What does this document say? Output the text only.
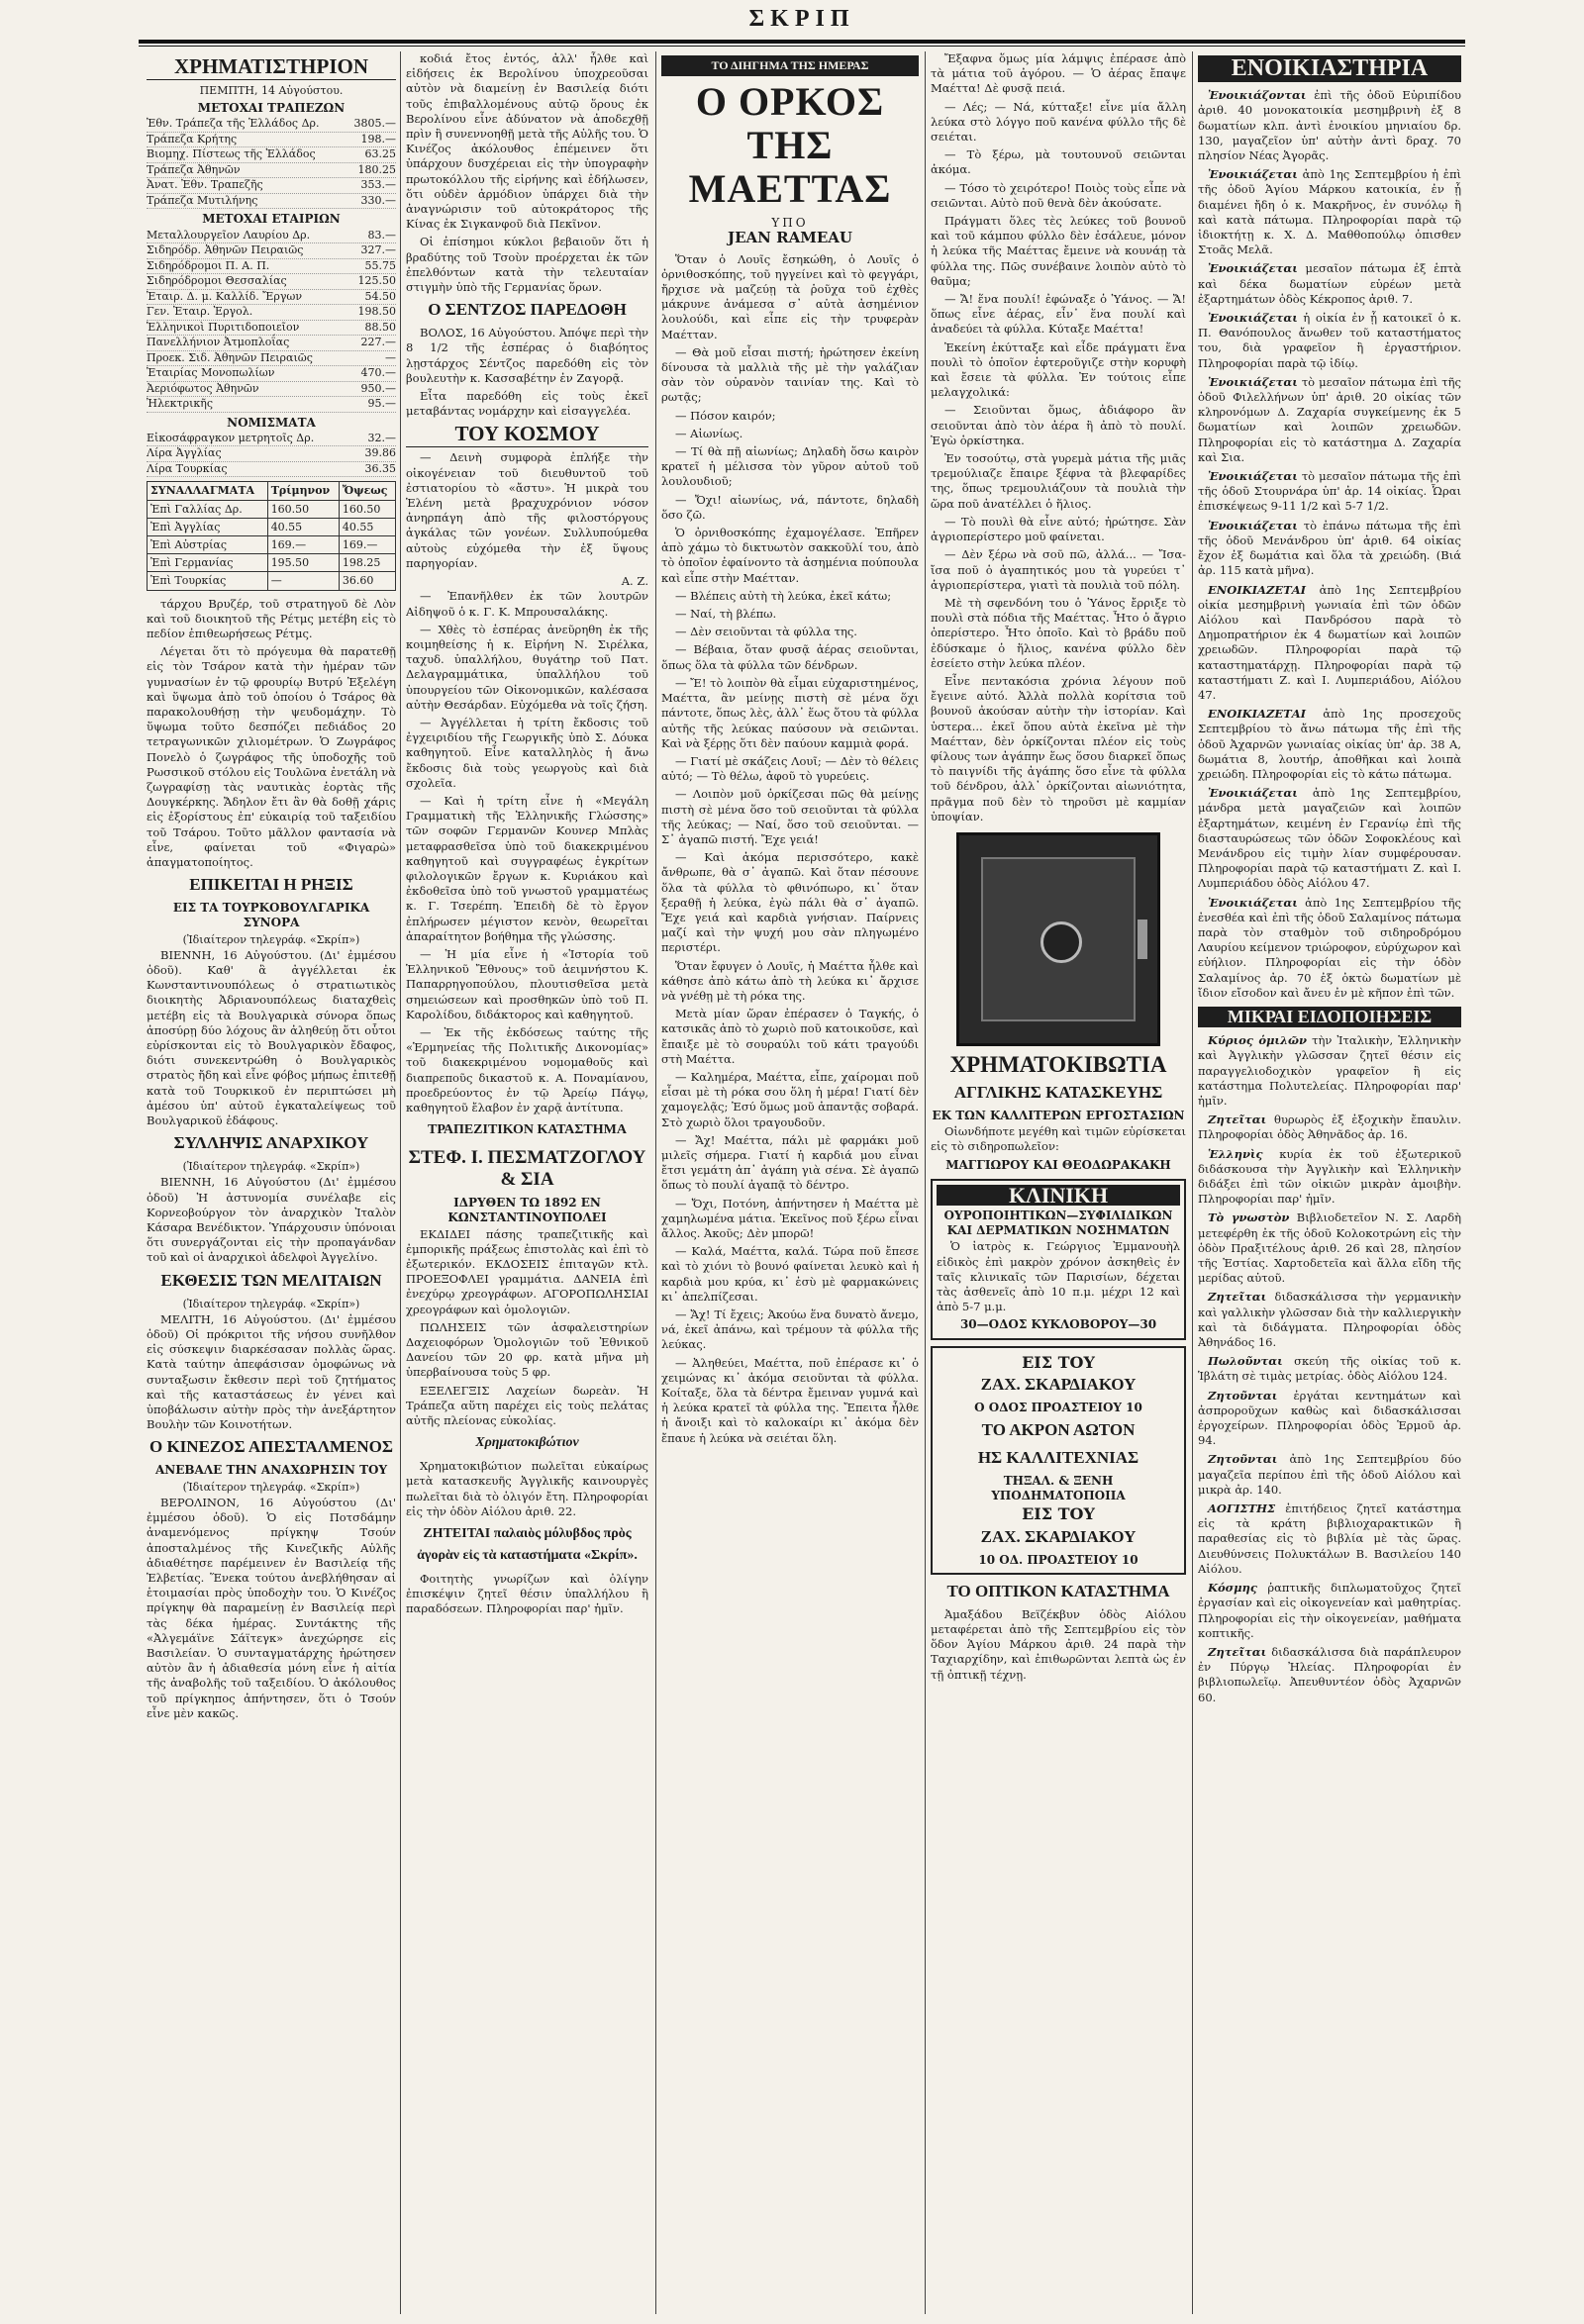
ΣΚΡΙΠ
ΧΡΗΜΑΤΙΣΤΗΡΙΟΝ
ΠΕΜΠΤΗ, 14 Αὐγούστου.
ΜΕΤΟΧΑΙ ΤΡΑΠΕΖΩΝ
Ἐθν. Τράπεζα τῆς Ἑλλάδος Δρ.	3805.—
Τράπεζα Κρήτης	198.—
Βιομηχ. Πίστεως τῆς Ἑλλάδος	63.25
Τράπεζα Ἀθηνῶν	180.25
Ἀνατ. Ἐθν. Τραπεζῆς	353.—
Τράπεζα Μυτιλήνης	330.—
ΜΕΤΟΧΑΙ ΕΤΑΙΡΙΩΝ
Μεταλλουργεῖον Λαυρίου Δρ.	83.—
Σιδηρόδρ. Ἀθηνῶν Πειραιῶς	327.—
Σιδηρόδρομοι Π. Α. Π.	55.75
Σιδηρόδρομοι Θεσσαλίας	125.50
Ἐταιρ. Δ. μ. Καλλίδ. Ἔργων	54.50
Γεν. Ἐταιρ. Ἐργολ.	198.50
Ἑλληνικοὶ Πυριτιδοποιεῖον	88.50
Πανελλήνιον Ἀτμοπλοΐας	227.—
Προεκ. Σιδ. Ἀθηνῶν Πειραιῶς	—
Ἐταιρίας Μονοπωλίων	470.—
Ἀεριόφωτος Ἀθηνῶν	950.—
Ἠλεκτρικῆς	95.—
ΝΟΜΙΣΜΑΤΑ
Εἰκοσάφραγκον μετρητοῖς Δρ.	32.—
Λίρα Ἀγγλίας	39.86
Λίρα Τουρκίας	36.35
ΣΥΝΑΛΛΑΓΜΑΤΑ	Τρίμηνον	Ὄψεως
Ἐπὶ Γαλλίας Δρ.	160.50	160.50
Ἐπὶ Ἀγγλίας	40.55	40.55
Ἐπὶ Αὐστρίας	169.—	169.—
Ἐπὶ Γερμανίας	195.50	198.25
Ἐπὶ Τουρκίας	—	36.60

τάρχου Βρυζέρ, τοῦ στρατηγοῦ δὲ Λὸν καὶ τοῦ διοικητοῦ τῆς Ρέτμς μετέβη εἰς τὸ πεδίον ἐπιθεωρήσεως Ρέτμς.

Λέγεται ὅτι τὸ πρόγευμα θὰ παρατεθῇ εἰς τὸν Τσάρον κατὰ τὴν ἡμέραν τῶν γυμνασίων ἐν τῷ φρουρίῳ Βυτρύ Ἐξελέγη καὶ ὕψωμα ἀπὸ τοῦ ὁποίου ὁ Τσάρος θὰ παρακολουθήσῃ τὴν ψευδομάχην. Τὸ ὕψωμα τοῦτο δεσπόζει πεδιάδος 20 τετραγωνικῶν χιλιομέτρων. Ὁ Ζωγράφος Πονελὸ ὁ ζωγράφος τῆς ὑποδοχῆς τοῦ Ρωσσικοῦ στόλου εἰς Τουλῶνα ἐνετάλη νὰ ζωγραφίσῃ τὰς ναυτικὰς ἑορτὰς τῆς Δουγκέρκης. Ἄδηλον ἔτι ἂν θὰ δοθῇ χάρις εἰς ἐξορίστους ἐπ' εὐκαιρίᾳ τοῦ ταξειδίου τοῦ Τσάρου. Τοῦτο μᾶλλον φαντασία νὰ εἶνε, φαίνεται τοῦ «Φιγαρὼ» ἀπαγματοποίητος.

ΕΠΙΚΕΙΤΑΙ Η ΡΗΞΙΣ
ΕΙΣ ΤΑ ΤΟΥΡΚΟΒΟΥΛΓΑΡΙΚΑ ΣΥΝΟΡΑ
(Ἰδιαίτερον τηλεγράφ. «Σκρίπ»)

ΒΙΕΝΝΗ, 16 Αὐγούστου. (Δι' ἐμμέσου ὁδοῦ). Καθ' ἃ ἀγγέλλεται ἐκ Κωνσταντινουπόλεως ὁ στρατιωτικὸς διοικητὴς Ἀδριανουπόλεως διαταχθεὶς μετέβη εἰς τὰ Βουλγαρικὰ σύνορα ὅπως ἀποσύρῃ δύο λόχους ἂν ἀληθεύῃ ὅτι οὗτοι εὑρίσκονται εἰς τὸ Βουλγαρικὸν ἔδαφος, διότι συνεκεντρώθη ὁ Βουλγαρικὸς στρατὸς ἤδη καὶ εἶνε φόβος μήπως ἐπιτεθῇ κατὰ τοῦ Τουρκικοῦ ἐν περιπτώσει μὴ ἀμέσου ὑπ' αὐτοῦ ἐγκαταλείψεως τοῦ Βουλγαρικοῦ ἐδάφους.

ΣΥΛΛΗΨΙΣ ΑΝΑΡΧΙΚΟΥ
(Ἰδιαίτερον τηλεγράφ. «Σκρίπ»)

ΒΙΕΝΝΗ, 16 Αὐγούστου (Δι' ἐμμέσου ὁδοῦ) Ἡ ἀστυνομία συνέλαβε εἰς Κορνεοβούργον τὸν ἀναρχικὸν Ἰταλὸν Κάσαρα Βενέδικτον. Ὑπάρχουσιν ὑπόνοιαι ὅτι συνεργάζονται εἰς τὴν προπαγάνδαν τοῦ καὶ οἱ ἀναρχικοὶ ἀδελφοὶ Ἀγγελίνο.

ΕΚΘΕΣΙΣ ΤΩΝ ΜΕΛΙΤΑΙΩΝ
(Ἰδιαίτερον τηλεγράφ. «Σκρίπ»)

ΜΕΛΙΤΗ, 16 Αὐγούστου. (Δι' ἐμμέσου ὁδοῦ) Οἱ πρόκριτοι τῆς νήσου συνῆλθον εἰς σύσκεψιν διαρκέσασαν πολλὰς ὥρας. Κατὰ ταύτην ἀπεφάσισαν ὁμοφώνως νὰ συνταξωσιν ἔκθεσιν περὶ τοῦ ζητήματος καὶ τῆς καταστάσεως ἐν γένει καὶ ὑποβάλωσιν αὐτὴν πρὸς τὴν ἀνεξάρτητον Βουλὴν τῶν Κοινοτήτων.

Ο ΚΙΝΕΖΟΣ ΑΠΕΣΤΑΛΜΕΝΟΣ
ΑΝΕΒΑΛΕ ΤΗΝ ΑΝΑΧΩΡΗΣΙΝ ΤΟΥ
(Ἰδιαίτερον τηλεγράφ. «Σκρίπ»)

ΒΕΡΟΛΙΝΟΝ, 16 Αὐγούστου (Δι' ἐμμέσου ὁδοῦ). Ὁ εἰς Ποτσδάμην ἀναμενόμενος πρίγκηψ Τσούν ἀποσταλμένος τῆς Κινεζικῆς Αὐλῆς ἀδιαθέτησε παρέμεινεν ἐν Βασιλείᾳ τῆς Ἑλβετίας. Ἕνεκα τούτου ἀνεβλήθησαν αἱ ἑτοιμασίαι πρὸς ὑποδοχὴν του. Ὁ Κινέζος πρίγκηψ θὰ παραμείνῃ ἐν Βασιλείᾳ περὶ τὰς δέκα ἡμέρας. Συντάκτης τῆς «Ἀλγεμάϊνε Σάϊτεγκ» ἀνεχώρησε εἰς Βασιλείαν. Ὁ συνταγματάρχης ἠρώτησεν αὐτὸν ἂν ἡ ἀδιαθεσία μόνη εἶνε ἡ αἰτία τῆς ἀναβολῆς τοῦ ταξειδίου. Ὁ ἀκόλουθος τοῦ πρίγκηπος ἀπήντησεν, ὅτι ὁ Τσούν εἶνε μὲν κακῶς.

κοδιά ἔτος ἐντός, ἀλλ' ἦλθε καὶ εἰδήσεις ἐκ Βερολίνου ὑποχρεοῦσαι αὐτὸν νὰ διαμείνῃ ἐν Βασιλείᾳ διότι τοῦς ἐπιβαλλομένους αὐτῷ ὅρους ἐκ Βερολίνου εἶνε ἀδύνατον νὰ ἀποδεχθῇ πρὶν ἢ συνεννοηθῇ μετὰ τῆς Αὐλῆς του. Ὁ Κινέζος ἀκόλουθος ἐπέμεινεν ὅτι ὑπάρχουν δυσχέρειαι εἰς τὴν ὑπογραφὴν πρωτοκόλλου τῆς εἰρήνης καὶ ἐδήλωσεν, ὅτι οὐδὲν ἀρμόδιον ὑπάρχει διὰ τὴν ἀναγνώρισιν τοῦ αὐτοκράτορος τῆς Κίνας ἐκ Σιγκανφοῦ διὰ Πεκῖνον.

Οἱ ἐπίσημοι κύκλοι βεβαιοῦν ὅτι ἡ βραδύτης τοῦ Τσοὺν προέρχεται ἐκ τῶν ἐπελθόντων κατὰ τὴν τελευταίαν στιγμὴν ὑπὸ τῆς Γερμανίας ὅρων.

Ο ΣΕΝΤΖΟΣ ΠΑΡΕΔΟΘΗ

ΒΟΛΟΣ, 16 Αὐγούστου. Ἀπόψε περὶ τὴν 8 1/2 τῆς ἑσπέρας ὁ διαβόητος λῃστάρχος Σέντζος παρεδόθη εἰς τὸν βουλευτὴν κ. Κασσαβέτην ἐν Ζαγορᾷ.

Εἶτα παρεδόθη εἰς τοὺς ἐκεῖ μεταβάντας νομάρχην καὶ εἰσαγγελέα.

ΤΟΥ ΚΟΣΜΟΥ

— Δεινὴ συμφορὰ ἐπλήξε τὴν οἰκογένειαν τοῦ διευθυντοῦ τοῦ ἐστιατορίου τὸ «ἄστυ». Ἡ μικρὰ του Ἑλένη μετὰ βραχυχρόνιον νόσον ἀνηρπάγη ἀπὸ τῆς φιλοστόργους ἀγκάλας τῶν γονέων. Συλλυπούμεθα αὐτοὺς εὐχόμεθα τὴν ἐξ ὕψους παρηγορίαν.

Α. Ζ.

— Ἐπανῆλθεν ἐκ τῶν λουτρῶν Αἰδηψοῦ ὁ κ. Γ. Κ. Μπρουσαλάκης.

— Χθὲς τὸ ἑσπέρας ἀνεῦρηθη ἐκ τῆς κοιμηθείσης ἡ κ. Εἰρήνη Ν. Σιρέλκα, ταχυδ. ὑπαλλήλου, θυγάτηρ τοῦ Πατ. Δελαγραμμάτικα, ὑπαλλήλου τοῦ ὑπουργείου τῶν Οἰκονομικῶν, καλέσασα αὐτὴν Θεσάρδαν. Εὐχόμεθα νὰ τοῖς ζήση.

— Ἀγγέλλεται ἡ τρίτη ἔκδοσις τοῦ ἐγχειριδίου τῆς Γεωργικῆς ὑπὸ Σ. Δόυκα καθηγητοῦ. Εἶνε καταλληλὸς ἡ ἄνω ἔκδοσις διὰ τοὺς γεωργοὺς καὶ διὰ σχολεῖα.

— Καὶ ἡ τρίτη εἶνε ἡ «Μεγάλη Γραμματικὴ τῆς Ἑλληνικῆς Γλώσσης» τῶν σοφῶν Γερμανῶν Κουνερ Μπλὰς μεταφρασθεῖσα ὑπὸ τοῦ διακεκριμένου καθηγητοῦ καὶ συγγραφέως ἐγκρίτων φιλολογικῶν ἔργων κ. Κυριάκου καὶ ἐκδοθεῖσα ὑπὸ τοῦ γνωστοῦ γραμματέως κ. Γ. Τσερέπη. Ἐπειδὴ δὲ τὸ ἔργον ἐπλήρωσεν μέγιστον κενὸν, θεωρεῖται ἀπαραίτητον βοήθημα τῆς γλώσσης.

— Ἡ μία εἶνε ἡ «Ἱστορία τοῦ Ἑλληνικοῦ Ἔθνους» τοῦ ἀειμνήστου Κ. Παπαρρηγοπούλου, πλουτισθεῖσα μετὰ σημειώσεων καὶ προσθηκῶν ὑπὸ τοῦ Π. Καρολίδου, διδάκτορος καὶ καθηγητοῦ.

— Ἐκ τῆς ἐκδόσεως ταύτης τῆς «Ἑρμηνείας τῆς Πολιτικῆς Δικονομίας» τοῦ διακεκριμένου νομομαθοῦς καὶ διαπρεποῦς δικαστοῦ κ. Α. Ποναμίανου, προεδρεύοντος ἐν τῷ Ἀρείῳ Πάγῳ, καθηγητοῦ ἔλαβον ἐν χαρᾷ ἀντίτυπα.

ΤΡΑΠΕΖΙΤΙΚΟΝ ΚΑΤΑΣΤΗΜΑ
ΣΤΕΦ. Ι. ΠΕΣΜΑΤΖΟΓΛΟΥ & ΣΙΑ
ΙΔΡΥΘΕΝ ΤΩ 1892 ΕΝ ΚΩΝΣΤΑΝΤΙΝΟΥΠΟΛΕΙ

ΕΚΔΙΔΕΙ πάσης τραπεζιτικῆς καὶ ἐμπορικῆς πράξεως ἐπιστολὰς καὶ ἐπὶ τὸ ἐξωτερικόν. ΕΚΔΟΣΕΙΣ ἐπιταγῶν κτλ. ΠΡΟΕΞΟΦΛΕΙ γραμμάτια. ΔΑΝΕΙΑ ἐπὶ ἐνεχύρῳ χρεογράφων. ΑΓΟΡΟΠΩΛΗΣΙΑΙ χρεογράφων καὶ ὁμολογιῶν.

ΠΩΛΗΣΕΙΣ τῶν ἀσφαλειστηρίων Δαχειοφόρων Ὁμολογιῶν τοῦ Ἐθνικοῦ Δανείου τῶν 20 φρ. κατὰ μῆνα μὴ ὑπερβαίνουσα τοὺς 5 φρ.

ΕΞΕΛΕΓΞΙΣ Λαχείων δωρεὰν. Ἡ Τράπεζα αὕτη παρέχει εἰς τοὺς πελάτας αὐτῆς πλείονας εὐκολίας.

Χρηματοκιβώτιον

Χρηματοκιβώτιον πωλεῖται εὐκαίρως μετὰ κατασκευῆς Ἀγγλικῆς καινουργὲς πωλεῖται διὰ τὸ ὁλιγόν ἔτη. Πληροφορίαι εἰς τὴν ὁδὸν Αἰόλου ἀριθ. 22.

ΖΗΤΕΙΤΑΙ παλαιὸς μόλυβδος πρὸς ἀγορὰν εἰς τὰ καταστήματα «Σκρίπ».

Φοιτητὴς γνωρίζων καὶ ὀλίγην ἐπισκέψιν ζητεῖ θέσιν ὑπαλλήλου ἢ παραδόσεων. Πληροφορίαι παρ' ἡμῖν.

ΤΟ ΔΙΗΓΗΜΑ ΤΗΣ ΗΜΕΡΑΣ
Ο ΟΡΚΟΣ ΤΗΣ ΜΑΕΤΤΑΣ
ΥΠΟ
JEAN RAMEAU

Ὅταν ὁ Λουῖς ἔσηκώθη, ὁ Λουῖς ὁ ὀρνιθοσκόπης, τοῦ ηγγείνει καὶ τὸ φεγγάρι, ἤρχισε νὰ μαζεύῃ τὰ ῥοῦχα τοῦ ἐχθὲς μάκρυνε ἀνάμεσα σ᾽ αὐτὰ ἀσημένιον λουλούδι, καὶ εἶπε εἰς τὴν τρυφερὰν Μαέτταν.

— Θὰ μοῦ εἶσαι πιστή; ἠρώτησεν ἐκείνη δίνουσα τὰ μαλλιὰ τῆς μὲ τὴν γαλάζιαν σὰν τὸν οὐρανὸν ταινίαν της. Καὶ τὸ ρωτᾷς;

— Πόσον καιρόν;

— Αἰωνίως.

— Τί θὰ πῇ αἰωνίως; Δηλαδὴ ὅσω καιρὸν κρατεῖ ἡ μέλισσα τὸν γῦρον αὐτοῦ τοῦ λουλουδιοῦ;

— Ὄχι! αἰωνίως, νά, πάντοτε, δηλαδὴ ὅσο ζῶ.

Ὁ ὀρνιθοσκόπης ἐχαμογέλασε. Ἐπῆρεν ἀπὸ χάμω τὸ δικτυωτὸν σακκοῦλί του, ἀπὸ τὸ ὁποῖον ἐφαίνοντο τὰ ἀσημένια πούπουλα καὶ εἶπε στὴν Μαέτταν.

— Βλέπεις αὐτὴ τὴ λεύκα, ἐκεῖ κάτω;

— Ναί, τὴ βλέπω.

— Δὲν σειοῦνται τὰ φύλλα της.

— Βέβαια, ὅταν φυσᾷ ἀέρας σειοῦνται, ὅπως ὅλα τὰ φύλλα τῶν δένδρων.

— Ἔ! τὸ λοιπὸν θὰ εἶμαι εὐχαριστημένος, Μαέττα, ἂν μείνῃς πιστὴ σὲ μένα ὅχι πάντοτε, ὅπως λὲς, ἀλλ᾽ ἕως ὅτου τὰ φύλλα αὐτῆς τῆς λεύκας παύσουν νὰ σειῶνται. Καὶ νὰ ξέρῃς ὅτι δὲν παύουν καμμιὰ φορά.

— Γιατί μὲ σκάζεις Λουῖ; — Δὲν τὸ θέλεις αὐτό; — Τὸ θέλω, ἀφοῦ τὸ γυρεύεις.

— Λοιπὸν μοῦ ὁρκίζεσαι πῶς θὰ μείνῃς πιστὴ σὲ μένα ὅσο τοῦ σειοῦνται τὰ φύλλα τῆς λεύκας; — Ναί, ὅσο τοῦ σειοῦνται. — Σ᾽ ἀγαπῶ πιστή. Ἔχε γειά!

— Καὶ ἀκόμα περισσότερο, κακὲ ἄνθρωπε, θὰ σ᾽ ἀγαπῶ. Καὶ ὅταν πέσουνε ὅλα τὰ φύλλα τὸ φθινόπωρο, κι᾽ ὅταν ξεραθῇ ἡ λεύκα, ἐγὼ πάλι θὰ σ᾽ ἀγαπῶ. Ἔχε γειά καὶ καρδιὰ γνήσιαν. Παίρνεις μαζί καὶ τὴν ψυχή μου σὰν πληγωμένο περιστέρι.

Ὅταν ἔφυγεν ὁ Λουῖς, ἡ Μαέττα ἦλθε καὶ κάθησε ἀπὸ κάτω ἀπὸ τὴ λεύκα κι᾽ ἄρχισε νὰ γνέθῃ μὲ τὴ ρόκα της.

Μετὰ μίαν ὥραν ἐπέρασεν ὁ Ταγκής, ὁ κατσικᾶς ἀπὸ τὸ χωριὸ ποῦ κατοικοῦσε, καὶ ἔπαιξε μὲ τὸ σουραύλι τοῦ κάτι τραγούδι στὴ Μαέττα.

— Καλημέρα, Μαέττα, εἶπε, χαίρομαι ποῦ εἶσαι μὲ τὴ ρόκα σου ὅλη ἡ μέρα! Γιατί δὲν χαμογελᾷς; Ἐσύ ὅμως μοῦ ἀπαντᾷς σοβαρά. Στὸ χωριὸ ὅλοι τραγουδοῦν.

— Ἄχ! Μαέττα, πάλι μὲ φαρμάκι μοῦ μιλεῖς σήμερα. Γιατί ἡ καρδιά μου εἶναι ἔτσι γεμάτη ἀπ᾽ ἀγάπη γιὰ σένα. Σὲ ἀγαπῶ ὅπως τὸ πουλί ἀγαπᾷ τὸ δέντρο.

— Ὄχι, Ποτόνη, ἀπήντησεν ἡ Μαέττα μὲ χαμηλωμένα μάτια. Ἐκεῖνος ποῦ ξέρω εἶναι ἄλλος. Ἀκοῦς; Δὲν μπορῶ!

— Καλά, Μαέττα, καλά. Τώρα ποῦ ἔπεσε καὶ τὸ χιόνι τὸ βουνό φαίνεται λευκὸ καὶ ἡ καρδιὰ μου κρύα, κι᾽ ἐσὺ μὲ φαρμακώνεις κι᾽ ἀπελπίζεσαι.

— Ἄχ! Τί ἔχεις; Ἀκούω ἕνα δυνατὸ ἄνεμο, νά, ἐκεῖ ἀπάνω, καὶ τρέμουν τὰ φύλλα τῆς λεύκας.

— Ἀληθεύει, Μαέττα, ποῦ ἐπέρασε κι᾽ ὁ χειμώνας κι᾽ ἀκόμα σειοῦνται τὰ φύλλα. Κοίταξε, ὅλα τὰ δέντρα ἔμειναν γυμνά καὶ ἡ λεύκα κρατεῖ τὰ φύλλα της. Ἔπειτα ἦλθε ἡ ἄνοιξι καὶ τὸ καλοκαίρι κι᾽ ἀκόμα δὲν ἔπαυε ἡ λεύκα νὰ σειέται ὅλη.

Ἔξαφνα ὅμως μία λάμψις ἐπέρασε ἀπὸ τὰ μάτια τοῦ ἀγόρου. — Ὁ ἀέρας ἔπαψε Μαέττα! Δὲ φυσᾷ πειά.

— Λές; — Νά, κύτταξε! εἶνε μία ἄλλη λεύκα στὸ λόγγο ποῦ κανένα φύλλο τῆς δὲ σειέται.

— Τὸ ξέρω, μὰ τουτουνοῦ σειῶνται ἀκόμα.

— Τόσο τὸ χειρότερο! Ποιὸς τοὺς εἶπε νὰ σειῶνται. Αὐτὸ ποῦ θενὰ δὲν ἀκούσατε.

Πράγματι ὅλες τὲς λεύκες τοῦ βουνοῦ καὶ τοῦ κάμπου φύλλο δὲν ἐσάλευε, μόνον ἡ λεύκα τῆς Μαέττας ἔμεινε νὰ κουνάῃ τὰ φύλλα της. Πῶς συνέβαινε λοιπὸν αὐτὸ τὸ θαῦμα;

— Ἄ! ἕνα πουλί! ἐφώναξε ὁ Ὑάνος. — Ἄ! ὅπως εἶνε ἀέρας, εἶν᾽ ἕνα πουλί καὶ ἀναδεύει τὰ φύλλα. Κύταξε Μαέττα!

Ἐκείνη ἐκύτταξε καὶ εἶδε πράγματι ἕνα πουλὶ τὸ ὁποῖον ἐφτεροῦγιζε στὴν κορυφὴ καὶ ἔσειε τὰ φύλλα. Ἐν τούτοις εἶπε μελαγχολικά:

— Σειοῦνται ὅμως, ἀδιάφορο ἂν σειοῦνται ἀπὸ τὸν ἀέρα ἢ ἀπὸ τὸ πουλί. Ἐγὼ ὁρκίστηκα.

Ἐν τοσούτῳ, στὰ γυρεμὰ μάτια τῆς μιᾶς τρεμούλιαζε ἔπαιρε ξέφνα τὰ βλεφαρίδες της, ὅπως τρεμουλιάζουν τὰ πουλιὰ τὴν ὥρα ποῦ ἀνατέλλει ὁ ἥλιος.

— Τὸ πουλὶ θὰ εἶνε αὐτό; ἠρώτησε. Σὰν ἀγριοπερίστερο μοῦ φαίνεται.

— Δὲν ξέρω νὰ σοῦ πῶ, ἀλλά... — Ἴσα-ἴσα ποῦ ὁ ἀγαπητικός μου τὰ γυρεύει τ᾽ ἀγριοπερίστερα, γιατὶ τὰ πουλιὰ τοῦ πόλη.

Μὲ τὴ σφενδόνη του ὁ Ὑάνος ἔρριξε τὸ πουλὶ στὰ πόδια τῆς Μαέττας. Ἦτο ὁ ἄγριο ὀπερίστερο. Ἦτο ὁποῖο. Καὶ τὸ βράδυ ποῦ ἐδύσκαμε ὁ ἥλιος, κανένα φύλλο δὲν ἐσείετο στὴν λεύκα πλέον.

Εἶνε πεντακόσια χρόνια λέγουν ποῦ ἔγεινε αὐτό. Ἀλλὰ πολλὰ κορίτσια τοῦ βουνοῦ ἀκούσαν αὐτὴν τὴν ἱστορίαν. Καὶ ὑστερα... ἐκεῖ ὅπου αὐτὰ ἐκεῖνα μὲ τὴν Μαέτταν, δὲν ὁρκίζονται πλέον εἰς τοὺς φίλους των ἀγάπην ἕως ὅσου διαρκεῖ ὅπως τὸ παιγνίδι τῆς ἀγάπης ὅσο εἶνε τὰ φύλλα τοῦ δένδρου, ἀλλ᾽ ὁρκίζονται αἰωνιότητα, πρᾶγμα ποῦ δὲν τὸ τηροῦσι μὲ καμμίαν ὑποψίαν.

ΧΡΗΜΑΤΟΚΙΒΩΤΙΑ
ΑΓΓΛΙΚΗΣ ΚΑΤΑΣΚΕΥΗΣ
ΕΚ ΤΩΝ ΚΑΛΛΙΤΕΡΩΝ ΕΡΓΟΣΤΑΣΙΩΝ

Οἰωνδήποτε μεγέθη καὶ τιμῶν εὑρίσκεται εἰς τὸ σιδηροπωλεῖον:

ΜΑΓΓΙΩΡΟΥ ΚΑΙ ΘΕΟΔΩΡΑΚΑΚΗ
ΚΛΙΝΙΚΗ
ΟΥΡΟΠΟΙΗΤΙΚΩΝ—ΣΥΦΙΛΙΔΙΚΩΝ ΚΑΙ ΔΕΡΜΑΤΙΚΩΝ ΝΟΣΗΜΑΤΩΝ

Ὁ ἰατρὸς κ. Γεώργιος Ἐμμανουὴλ εἰδικὸς ἐπὶ μακρὸν χρόνον ἀσκηθεὶς ἐν ταῖς κλινικαῖς τῶν Παρισίων, δέχεται τὰς ἀσθενεῖς ἀπὸ 10 π.μ. μέχρι 12 καὶ ἀπὸ 5-7 μ.μ.

30—ΟΔΟΣ ΚΥΚΛΟΒΟΡΟΥ—30
ΕΙΣ ΤΟΥ
ΖΑΧ. ΣΚΑΡΔΙΑΚΟΥ
Ο ΟΔΟΣ ΠΡΟΑΣΤΕΙΟΥ 10
ΤΟ ΑΚΡΟΝ ΑΩΤΟΝ
ΗΣ ΚΑΛΛΙΤΕΧΝΙΑΣ
ΤΗΞΑΛ. & ΞΕΝΗ ΥΠΟΔΗΜΑΤΟΠΟΙΙΑ
ΕΙΣ ΤΟΥ
ΖΑΧ. ΣΚΑΡΔΙΑΚΟΥ
10 ΟΔ. ΠΡΟΑΣΤΕΙΟΥ 10
ΤΟ ΟΠΤΙΚΟΝ ΚΑΤΑΣΤΗΜΑ

Ἀμαξάδου Βεϊζέκβυν ὁδὸς Αἰόλου μεταφέρεται ἀπὸ τῆς Σεπτεμβρίου εἰς τὸν ὅδον Ἁγίου Μάρκου ἀριθ. 24 παρὰ τὴν Ταχιαρχίδην, καὶ ἐπιθωρῶνται λεπτὰ ὡς ἐν τῇ ὀπτικῇ τέχνῃ.

ΕΝΟΙΚΙΑΣΤΗΡΙΑ

Ἐνοικιάζονται ἐπὶ τῆς ὁδοῦ Εὐριπίδου ἀριθ. 40 μονοκατοικία μεσημβρινὴ ἐξ 8 δωματίων κλπ. ἀντὶ ἐνοικίου μηνιαίου δρ. 130, μαγαζεῖον ὑπ' αὐτὴν ἀντὶ δραχ. 70 πλησίον Νέας Ἀγορᾶς.

Ἐνοικιάζεται ἀπὸ 1ης Σεπτεμβρίου ἡ ἐπὶ τῆς ὁδοῦ Ἁγίου Μάρκου κατοικία, ἐν ᾗ διαμένει ἤδη ὁ κ. Μακρῆνος, ἐν συνόλῳ ἢ καὶ κατὰ πάτωμα. Πληροφορίαι παρὰ τῷ ἰδιοκτήτῃ κ. Χ. Δ. Μαθθοπούλῳ ὁπισθεν Στοᾶς Μελᾶ.

Ἐνοικιάζεται μεσαῖον πάτωμα ἐξ ἑπτὰ καὶ δέκα δωματίων εὑρέων μετὰ ἐξαρτημάτων ὁδὸς Κέκροπος ἀριθ. 7.

Ἐνοικιάζεται ἡ οἰκία ἐν ᾗ κατοικεῖ ὁ κ. Π. Θανόπουλος ἄνωθεν τοῦ καταστήματος του, διὰ γραφεῖον ἢ ἐργαστήριον. Πληροφορίαι παρὰ τῷ ἰδίῳ.

Ἐνοικιάζεται τὸ μεσαῖον πάτωμα ἐπὶ τῆς ὁδοῦ Φιλελλήνων ὑπ' ἀριθ. 20 οἰκίας τῶν κληρονόμων Δ. Ζαχαρία συγκείμενης ἐκ 5 δωματίων καὶ λοιπῶν χρειωδῶν. Πληροφορίαι εἰς τὸ κατάστημα Δ. Ζαχαρία καὶ Σια.

Ἐνοικιάζεται τὸ μεσαῖον πάτωμα τῆς ἐπὶ τῆς ὁδοῦ Στουρνάρα ὑπ' ἀρ. 14 οἰκίας. Ὧραι ἐπισκέψεως 9-11 1/2 καὶ 5-7 1/2.

Ἐνοικιάζεται τὸ ἐπάνω πάτωμα τῆς ἐπὶ τῆς ὁδοῦ Μενάνδρου ὑπ' ἀριθ. 64 οἰκίας ἔχον ἐξ δωμάτια καὶ ὅλα τὰ χρειώδη. (Βιά ἀρ. 115 κατὰ μῆνα).

ΕΝΟΙΚΙΑΖΕΤΑΙ ἀπὸ 1ης Σεπτεμβρίου οἰκία μεσημβρινὴ γωνιαία ἐπὶ τῶν ὁδῶν Αἰόλου καὶ Πανδρόσου παρὰ τὸ Δημοπρατήριον ἐκ 4 δωματίων καὶ λοιπῶν χρειωδῶν. Πληροφορίαι παρὰ τῷ καταστηματάρχῃ. Πληροφορίαι παρὰ τῷ καταστήματι Ζ. καὶ Ι. Λυμπεριάδου, Αἰόλου 47.

ΕΝΟΙΚΙΑΖΕΤΑΙ ἀπὸ 1ης προσεχοῦς Σεπτεμβρίου τὸ ἄνω πάτωμα τῆς ἐπὶ τῆς ὁδοῦ Ἀχαρνῶν γωνιαίας οἰκίας ὑπ' ἀρ. 38 Α, δωμάτια 8, λουτήρ, ἀποθῆκαι καὶ λοιπὰ χρειώδη. Πληροφορίαι εἰς τὸ κάτω πάτωμα.

Ἐνοικιάζεται ἀπὸ 1ης Σεπτεμβρίου, μάνδρα μετὰ μαγαζειῶν καὶ λοιπῶν ἐξαρτημάτων, κειμένη ἐν Γερανίῳ ἐπὶ τῆς διασταυρώσεως τῶν ὁδῶν Σοφοκλέους καὶ Μενάνδρου εἰς τιμὴν λίαν συμφέρουσαν. Πληροφορίαι παρὰ τῷ καταστήματι Ζ. καὶ Ι. Λυμπεριάδου ὁδὸς Αἰόλου 47.

Ἐνοικιάζεται ἀπὸ 1ης Σεπτεμβρίου τῆς ἐνεσθέα καὶ ἐπὶ τῆς ὁδοῦ Σαλαμίνος πάτωμα παρὰ τὸν σταθμὸν τοῦ σιδηροδρόμου Λαυρίου κείμενον τριώροφον, εὐρύχωρον καὶ εὐήλιον. Πληροφορίαι εἰς τὴν ὁδὸν Σαλαμίνος ἀρ. 70 ἐξ ὀκτὼ δωματίων μὲ ἴδιον εἴσοδον καὶ ἄνευ ἐν μὲ κῆπον ἐπὶ τῶν.

ΜΙΚΡΑΙ ΕΙΔΟΠΟΙΗΣΕΙΣ

Κύριος ὁμιλῶν τὴν Ἰταλικὴν, Ἑλληνικὴν καὶ Ἀγγλικὴν γλῶσσαν ζητεῖ θέσιν εἰς παραγγελιοδοχικὸν γραφεῖον ἢ εἰς κατάστημα Πολυτελείας. Πληροφορίαι παρ' ἡμῖν.

Ζητεῖται θυρωρὸς ἐξ ἐξοχικὴν ἔπαυλιν. Πληροφορίαι ὁδὸς Ἀθηνᾶδος ἀρ. 16.

Ἑλληνὶς κυρία ἐκ τοῦ ἐξωτερικοῦ διδάσκουσα τὴν Ἀγγλικὴν καὶ Ἑλληνικὴν διδάξει ἐπὶ τῶν οἰκιῶν μικρὰν ἀμοιβὴν. Πληροφορίαι παρ' ἡμῖν.

Τὸ γνωστὸν Βιβλιοδετεῖον Ν. Σ. Λαρδὴ μετεφέρθη ἐκ τῆς ὁδοῦ Κολοκοτρώνη εἰς τὴν ὁδὸν Πραξιτέλους ἀριθ. 26 καὶ 28, πλησίον τῆς Ἑστίας. Χαρτοδετεῖα καὶ ἄλλα εἴδη τῆς μερίδας αὐτοῦ.

Ζητεῖται διδασκάλισσα τὴν γερμανικὴν καὶ γαλλικὴν γλῶσσαν διὰ τὴν καλλιεργικὴν καὶ τὰ διδάγματα. Πληροφορίαι ὁδὸς Ἀθηνάδος 16.

Πωλοῦνται σκεύη τῆς οἰκίας τοῦ κ. Ἱβλάτη σὲ τιμὰς μετρίας. ὁδὸς Αἰόλου 124.

Ζητοῦνται ἐργάται κεντημάτων καὶ ἀσπροροῦχων καθὼς καὶ διδασκάλισσαι ἐργοχείρων. Πληροφορίαι ὁδὸς Ἑρμοῦ ἀρ. 94.

Ζητοῦνται ἀπὸ 1ης Σεπτεμβρίου δύο μαγαζεῖα περίπου ἐπὶ τῆς ὁδοῦ Αἰόλου καὶ μικρὰ ἀρ. 140.

ΑΟΓΙΣΤΗΣ ἐπιτήδειος ζητεῖ κατάστημα εἰς τὰ κράτη βιβλιοχαρακτικῶν ἢ παραθεσίας εἰς τὸ βιβλία μὲ τὰς ὥρας. Διευθύνσεις Πολυκτάλων Β. Βασιλείου 140 Αἰόλου.

Κόσμης ῥαπτικῆς διπλωματοῦχος ζητεῖ ἐργασίαν καὶ εἰς οἰκογενείαν καὶ μαθητρίας. Πληροφορίαι εἰς τὴν οἰκογενείαν, μαθήματα κοπτικῆς.

Ζητεῖται διδασκάλισσα διὰ παράπλευρον ἐν Πύργῳ Ἠλείας. Πληροφορίαι ἐν βιβλιοπωλεῖῳ. Ἀπευθυντέον ὁδὸς Ἀχαρνῶν 60.
